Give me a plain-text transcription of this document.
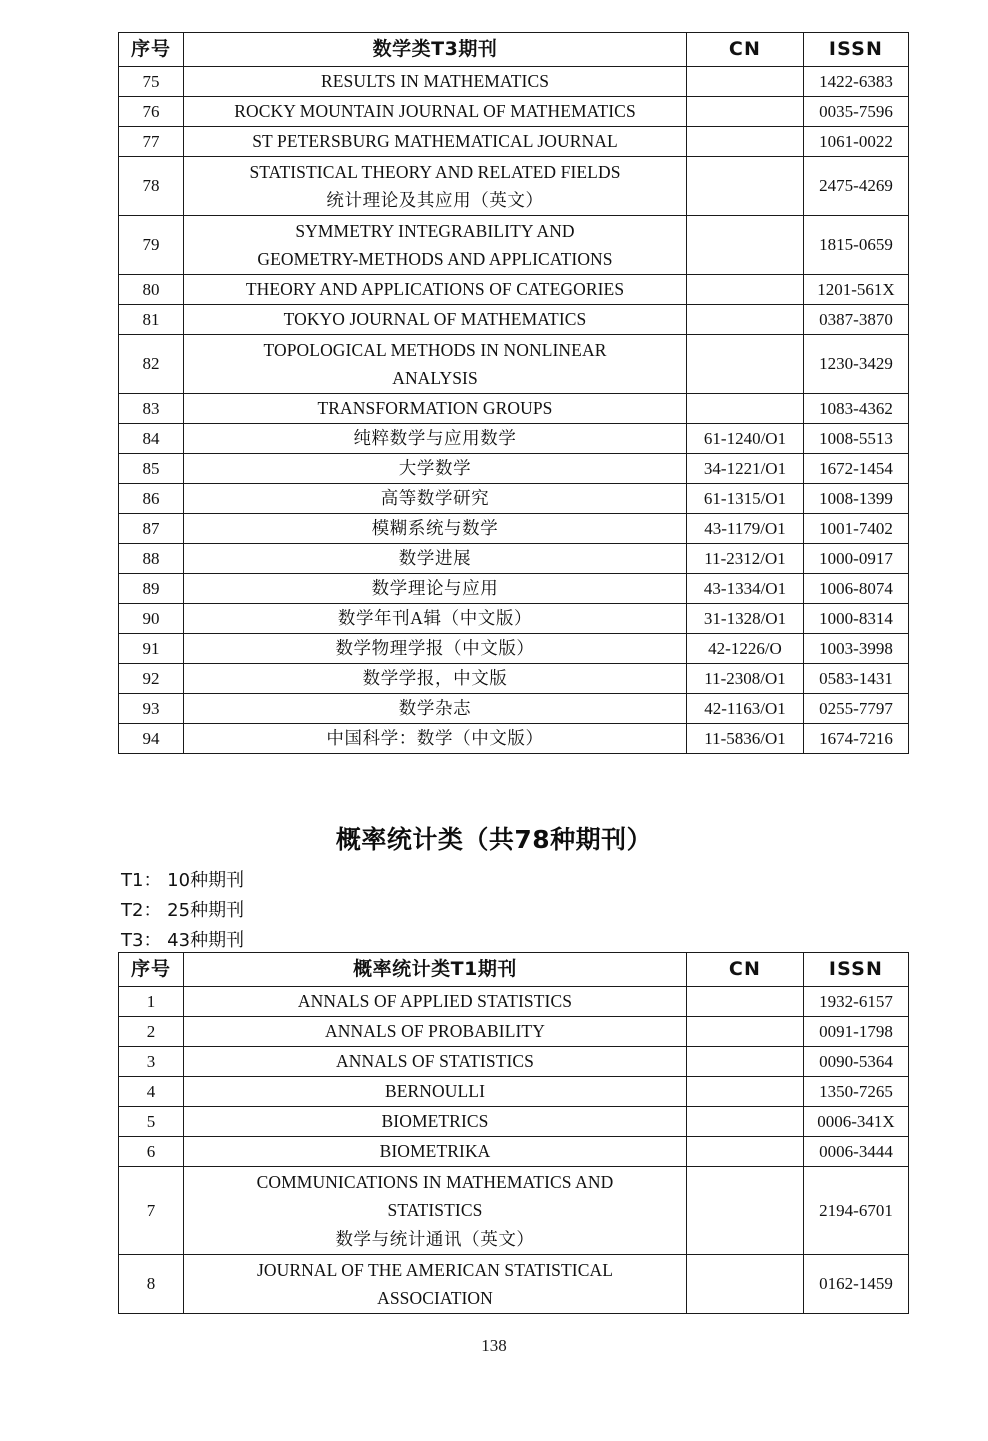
序号	数学类T3期刊	CN	ISSN
75	RESULTS IN MATHEMATICS		1422-6383
76	ROCKY MOUNTAIN JOURNAL OF MATHEMATICS		0035-7596
77	ST PETERSBURG MATHEMATICAL JOURNAL		1061-0022
78	STATISTICAL THEORY AND RELATED FIELDS
统计理论及其应用（英文）		2475-4269
79	SYMMETRY INTEGRABILITY AND
GEOMETRY-METHODS AND APPLICATIONS		1815-0659
80	THEORY AND APPLICATIONS OF CATEGORIES		1201-561X
81	TOKYO JOURNAL OF MATHEMATICS		0387-3870
82	TOPOLOGICAL METHODS IN NONLINEAR
ANALYSIS		1230-3429
83	TRANSFORMATION GROUPS		1083-4362
84	纯粹数学与应用数学	61-1240/O1	1008-5513
85	大学数学	34-1221/O1	1672-1454
86	高等数学研究	61-1315/O1	1008-1399
87	模糊系统与数学	43-1179/O1	1001-7402
88	数学进展	11-2312/O1	1000-0917
89	数学理论与应用	43-1334/O1	1006-8074
90	数学年刊A辑（中文版）	31-1328/O1	1000-8314
91	数学物理学报（中文版）	42-1226/O	1003-3998
92	数学学报，中文版	11-2308/O1	0583-1431
93	数学杂志	42-1163/O1	0255-7797
94	中国科学：数学（中文版）	11-5836/O1	1674-7216
概率统计类（共78种期刊）
T1： 10种期刊
T2： 25种期刊
T3： 43种期刊
序号	概率统计类T1期刊	CN	ISSN
1	ANNALS OF APPLIED STATISTICS		1932-6157
2	ANNALS OF PROBABILITY		0091-1798
3	ANNALS OF STATISTICS		0090-5364
4	BERNOULLI		1350-7265
5	BIOMETRICS		0006-341X
6	BIOMETRIKA		0006-3444
7	COMMUNICATIONS IN MATHEMATICS AND
STATISTICS
数学与统计通讯（英文）		2194-6701
8	JOURNAL OF THE AMERICAN STATISTICAL
ASSOCIATION		0162-1459
138
